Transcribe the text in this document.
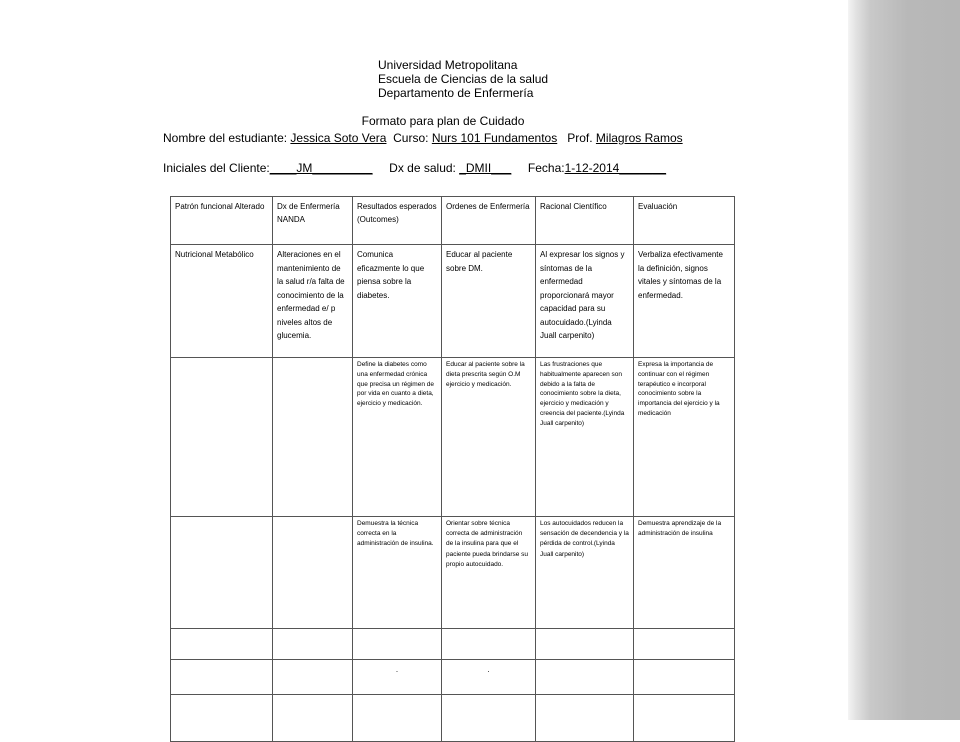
Universidad Metropolitana
Escuela de Ciencias de la salud
Departamento de Enfermería
Formato para plan de Cuidado
Nombre del estudiante: Jessica Soto Vera  Curso: Nurs 101 Fundamentos   Prof. Milagros Ramos
Iniciales del Cliente:____JM_________     Dx de salud: _DMII___     Fecha:1-12-2014_______
Patrón funcional Alterado	Dx de Enfermería NANDA	Resultados esperados (Outcomes)	Ordenes de Enfermería	Racional Científico	Evaluación
Nutricional Metabólico	Alteraciones en el mantenimiento de la salud r/a falta de conocimiento de la enfermedad e/ p niveles altos de glucemia.	Comunica eficazmente lo que piensa sobre la diabetes.	Educar al paciente sobre DM.	Al expresar los signos y síntomas de la enfermedad proporcionará mayor capacidad para su autocuidado.(Lyinda Juall carpenito)	Verbaliza efectivamente la definición, signos vitales y síntomas de la enfermedad.
		Define la diabetes como una enfermedad crónica que precisa un régimen de por vida en cuanto a dieta, ejercicio y medicación.	Educar al paciente sobre la dieta prescrita según O.M ejercicio y medicación.	Las frustraciones que habitualmente aparecen son debido a la falta de conocimiento sobre la dieta, ejercicio y medicación y creencia del paciente.(Lyinda Juall carpenito)	Expresa la importancia de continuar con el régimen terapéutico e incorporal conocimiento sobre la importancia del ejercicio y la medicación
		Demuestra la técnica correcta en la administración de insulina.	Orientar sobre técnica correcta de administración de la insulina para que el paciente pueda brindarse su propio autocuidado.	Los autocuidados reducen la sensación de decendencia y la pérdida de control.(Lyinda Juall carpenito)	Demuestra aprendizaje de la administración de insulina

		.	.		
